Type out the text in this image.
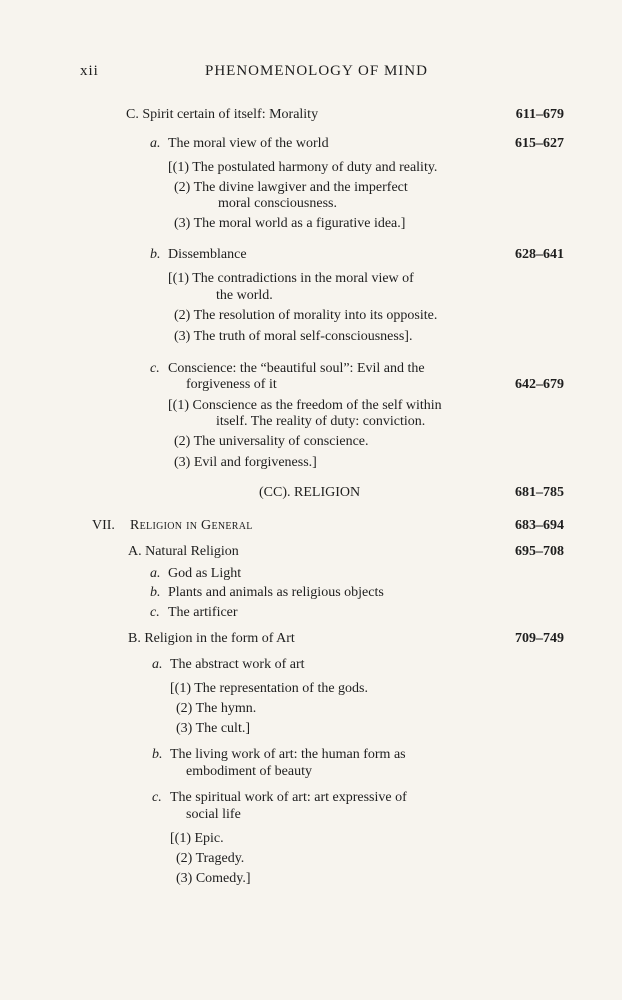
xii	PHENOMENOLOGY OF MIND
C. Spirit certain of itself: Morality	611–679
a. The moral view of the world	615–627
[(1) The postulated harmony of duty and reality.
(2) The divine lawgiver and the imperfect
moral consciousness.
(3) The moral world as a figurative idea.]
b. Dissemblance	628–641
[(1) The contradictions in the moral view of
the world.
(2) The resolution of morality into its opposite.
(3) The truth of moral self-consciousness].
c. Conscience: the “beautiful soul”: Evil and the
forgiveness of it	642–679
[(1) Conscience as the freedom of the self within
itself. The reality of duty: conviction.
(2) The universality of conscience.
(3) Evil and forgiveness.]
(CC). RELIGION	681–785
VII. Religion in General	683–694
A. Natural Religion	695–708
a. God as Light
b. Plants and animals as religious objects
c. The artificer
B. Religion in the form of Art	709–749
a. The abstract work of art
[(1) The representation of the gods.
(2) The hymn.
(3) The cult.]
b. The living work of art: the human form as
embodiment of beauty
c. The spiritual work of art: art expressive of
social life
[(1) Epic.
(2) Tragedy.
(3) Comedy.]
